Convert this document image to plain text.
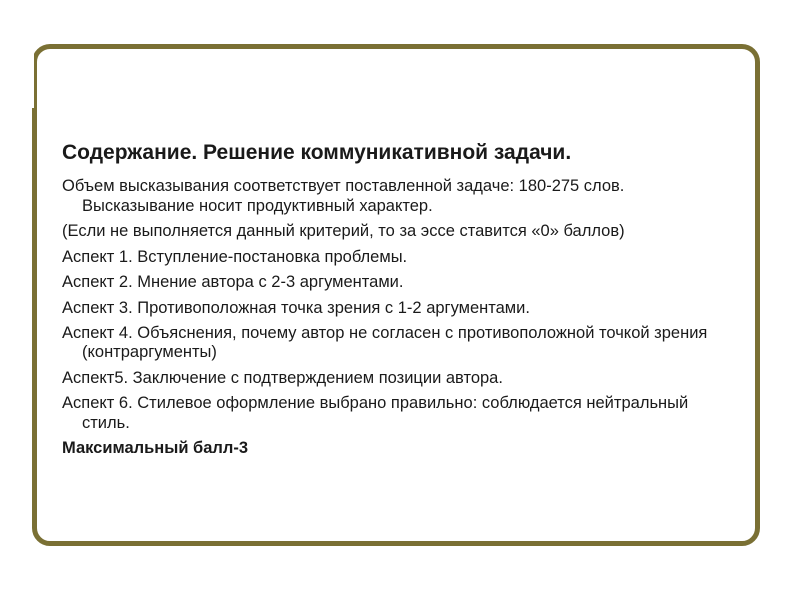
Содержание. Решение коммуникативной задачи.
Объем высказывания соответствует поставленной задаче: 180-275 слов. Высказывание носит продуктивный характер.
(Если не выполняется данный критерий, то за эссе ставится «0» баллов)
Аспект 1. Вступление-постановка проблемы.
Аспект 2. Мнение автора с 2-3 аргументами.
Аспект 3. Противоположная точка зрения с 1-2 аргументами.
Аспект 4. Объяснения, почему автор не согласен с противоположной точкой зрения (контраргументы)
Аспект5. Заключение с подтверждением позиции автора.
Аспект 6. Стилевое оформление выбрано правильно: соблюдается нейтральный стиль.
Максимальный балл-3
